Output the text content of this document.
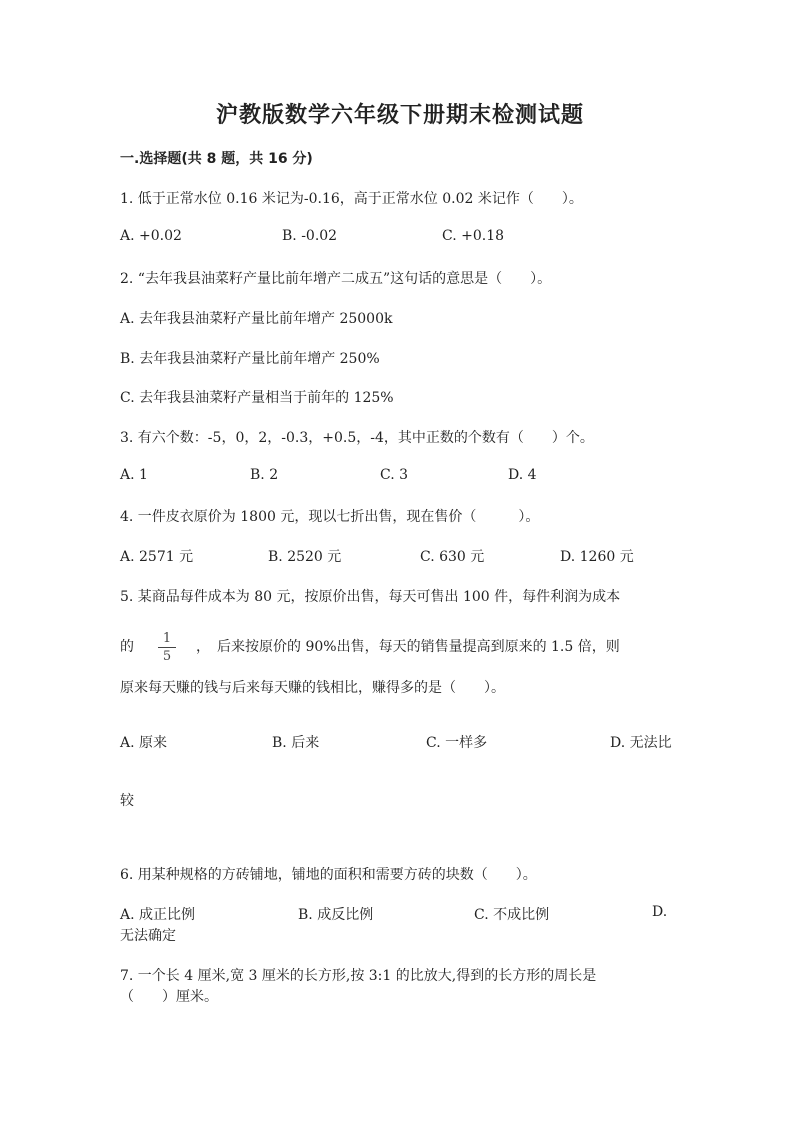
沪教版数学六年级下册期末检测试题
一.选择题(共 8 题，共 16 分)
1. 低于正常水位 0.16 米记为-0.16，高于正常水位 0.02 米记作（　　）。
A. +0.02	B. -0.02	C. +0.18
2. “去年我县油菜籽产量比前年增产二成五”这句话的意思是（　　）。
A. 去年我县油菜籽产量比前年增产 25000k
B. 去年我县油菜籽产量比前年增产 250%
C. 去年我县油菜籽产量相当于前年的 125%
3. 有六个数：-5，0，2，-0.3，+0.5，-4，其中正数的个数有（　　）个。
A. 1	B. 2	C. 3	D. 4
4. 一件皮衣原价为 1800 元，现以七折出售，现在售价（　　　）。
A. 2571 元	B. 2520 元	C. 630 元	D. 1260 元
5. 某商品每件成本为 80 元，按原价出售，每天可售出 100 件，每件利润为成本
的
1
5
，　后来按原价的 90%出售，每天的销售量提高到原来的 1.5 倍，则
原来每天赚的钱与后来每天赚的钱相比，赚得多的是（　　）。
A. 原来	B. 后来	C. 一样多	D. 无法比
较
6. 用某种规格的方砖铺地，铺地的面积和需要方砖的块数（　　）。
A. 成正比例	B. 成反比例	C. 不成比例	D.
无法确定
7. 一个长 4 厘米,宽 3 厘米的长方形,按 3:1 的比放大,得到的长方形的周长是
（　　）厘米。
